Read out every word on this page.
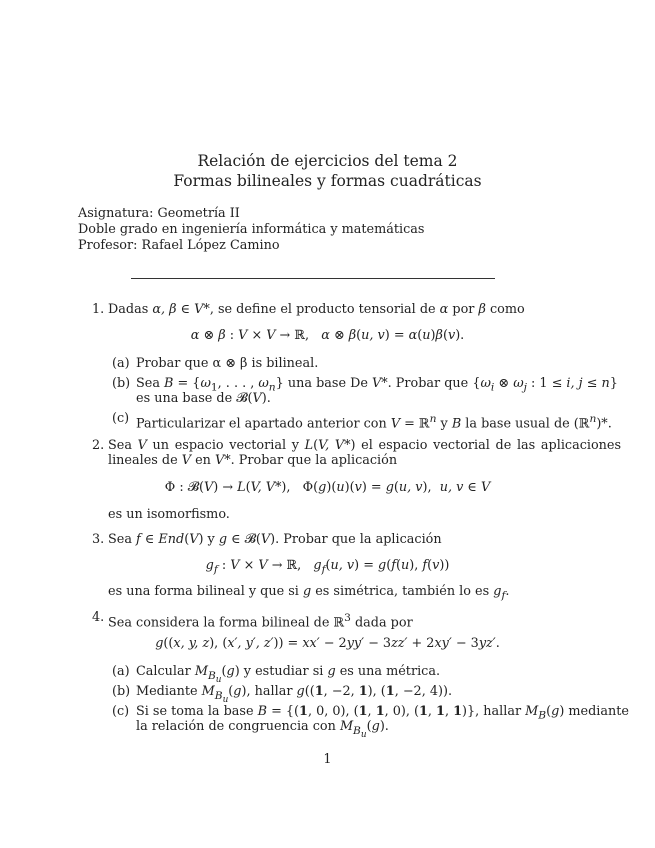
Relación de ejercicios del tema 2
Formas bilineales y formas cuadráticas
Asignatura: Geometría II
Doble grado en ingeniería informática y matemáticas
Profesor: Rafael López Camino
1. Dadas α, β ∈ V*, se define el producto tensorial de α por β como
α ⊗ β : V × V → ℝ,   α ⊗ β(u, v) = α(u)β(v).
(a) Probar que α ⊗ β is bilineal.
(b) Sea $B = \{\omega_1$, . . . , $\omega_n$} una base De V*. Probar que {$\omega_i$ ⊗ $\omega_j$ : 1 ≤ i, j ≤ n}
es una base de 𝓑(V).
(c) Particularizar el apartado anterior con V = ℝ$^n$ y B la base usual de (ℝ$^n$)*.
2. Sea V un espacio vectorial y L(V, V*) el espacio vectorial de las aplicaciones
lineales de V en V*. Probar que la aplicación
Φ : 𝓑(V) → L(V, V*),   Φ(g)(u)(v) = g(u, v),  u, v ∈ V
es un isomorfismo.
3. Sea f ∈ End(V) y g ∈ 𝓑(V). Probar que la aplicación
$g_f$ : V × V → ℝ,   $g_f(u$, v) = g(f(u), f(v))
es una forma bilineal y que si g es simétrica, también lo es $g_f$.
4. Sea considera la forma bilineal de ℝ$^3$ dada por
g((x, y, z), (x′, y′, z′)) = xx′ − 2yy′ − 3zz′ + 2xy′ − 3yz′.
(a) Calcular $M_{B_u}(g)$ y estudiar si g es una métrica.
(b) Mediante $M_{B_u}(g)$, hallar g((1, −2, 1), (1, −2, 4)).
(c) Si se toma la base B = {(1, 0, 0), (1, 1, 0), (1, 1, 1)}, hallar $M_B(g)$ mediante
la relación de congruencia con $M_{B_u}(g)$.
1
